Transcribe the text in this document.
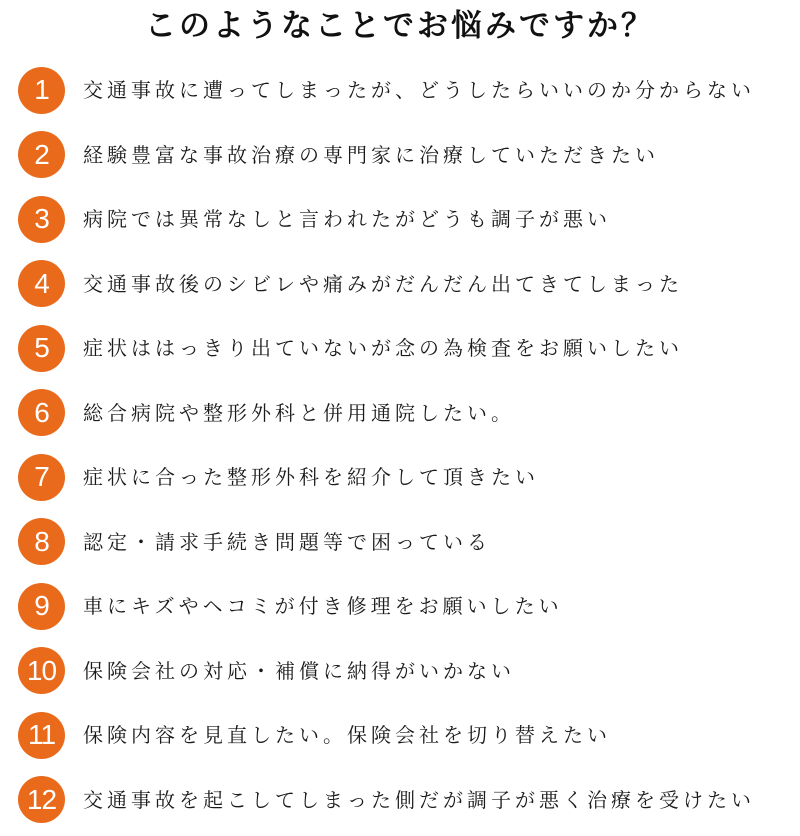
このようなことでお悩みですか？
1	交通事故に遭ってしまったが、どうしたらいいのか分からない
2	経験豊富な事故治療の専門家に治療していただきたい
3	病院では異常なしと言われたがどうも調子が悪い
4	交通事故後のシビレや痛みがだんだん出てきてしまった
5	症状ははっきり出ていないが念の為検査をお願いしたい
6	総合病院や整形外科と併用通院したい。
7	症状に合った整形外科を紹介して頂きたい
8	認定・請求手続き問題等で困っている
9	車にキズやヘコミが付き修理をお願いしたい
10	保険会社の対応・補償に納得がいかない
11	保険内容を見直したい。保険会社を切り替えたい
12	交通事故を起こしてしまった側だが調子が悪く治療を受けたい
